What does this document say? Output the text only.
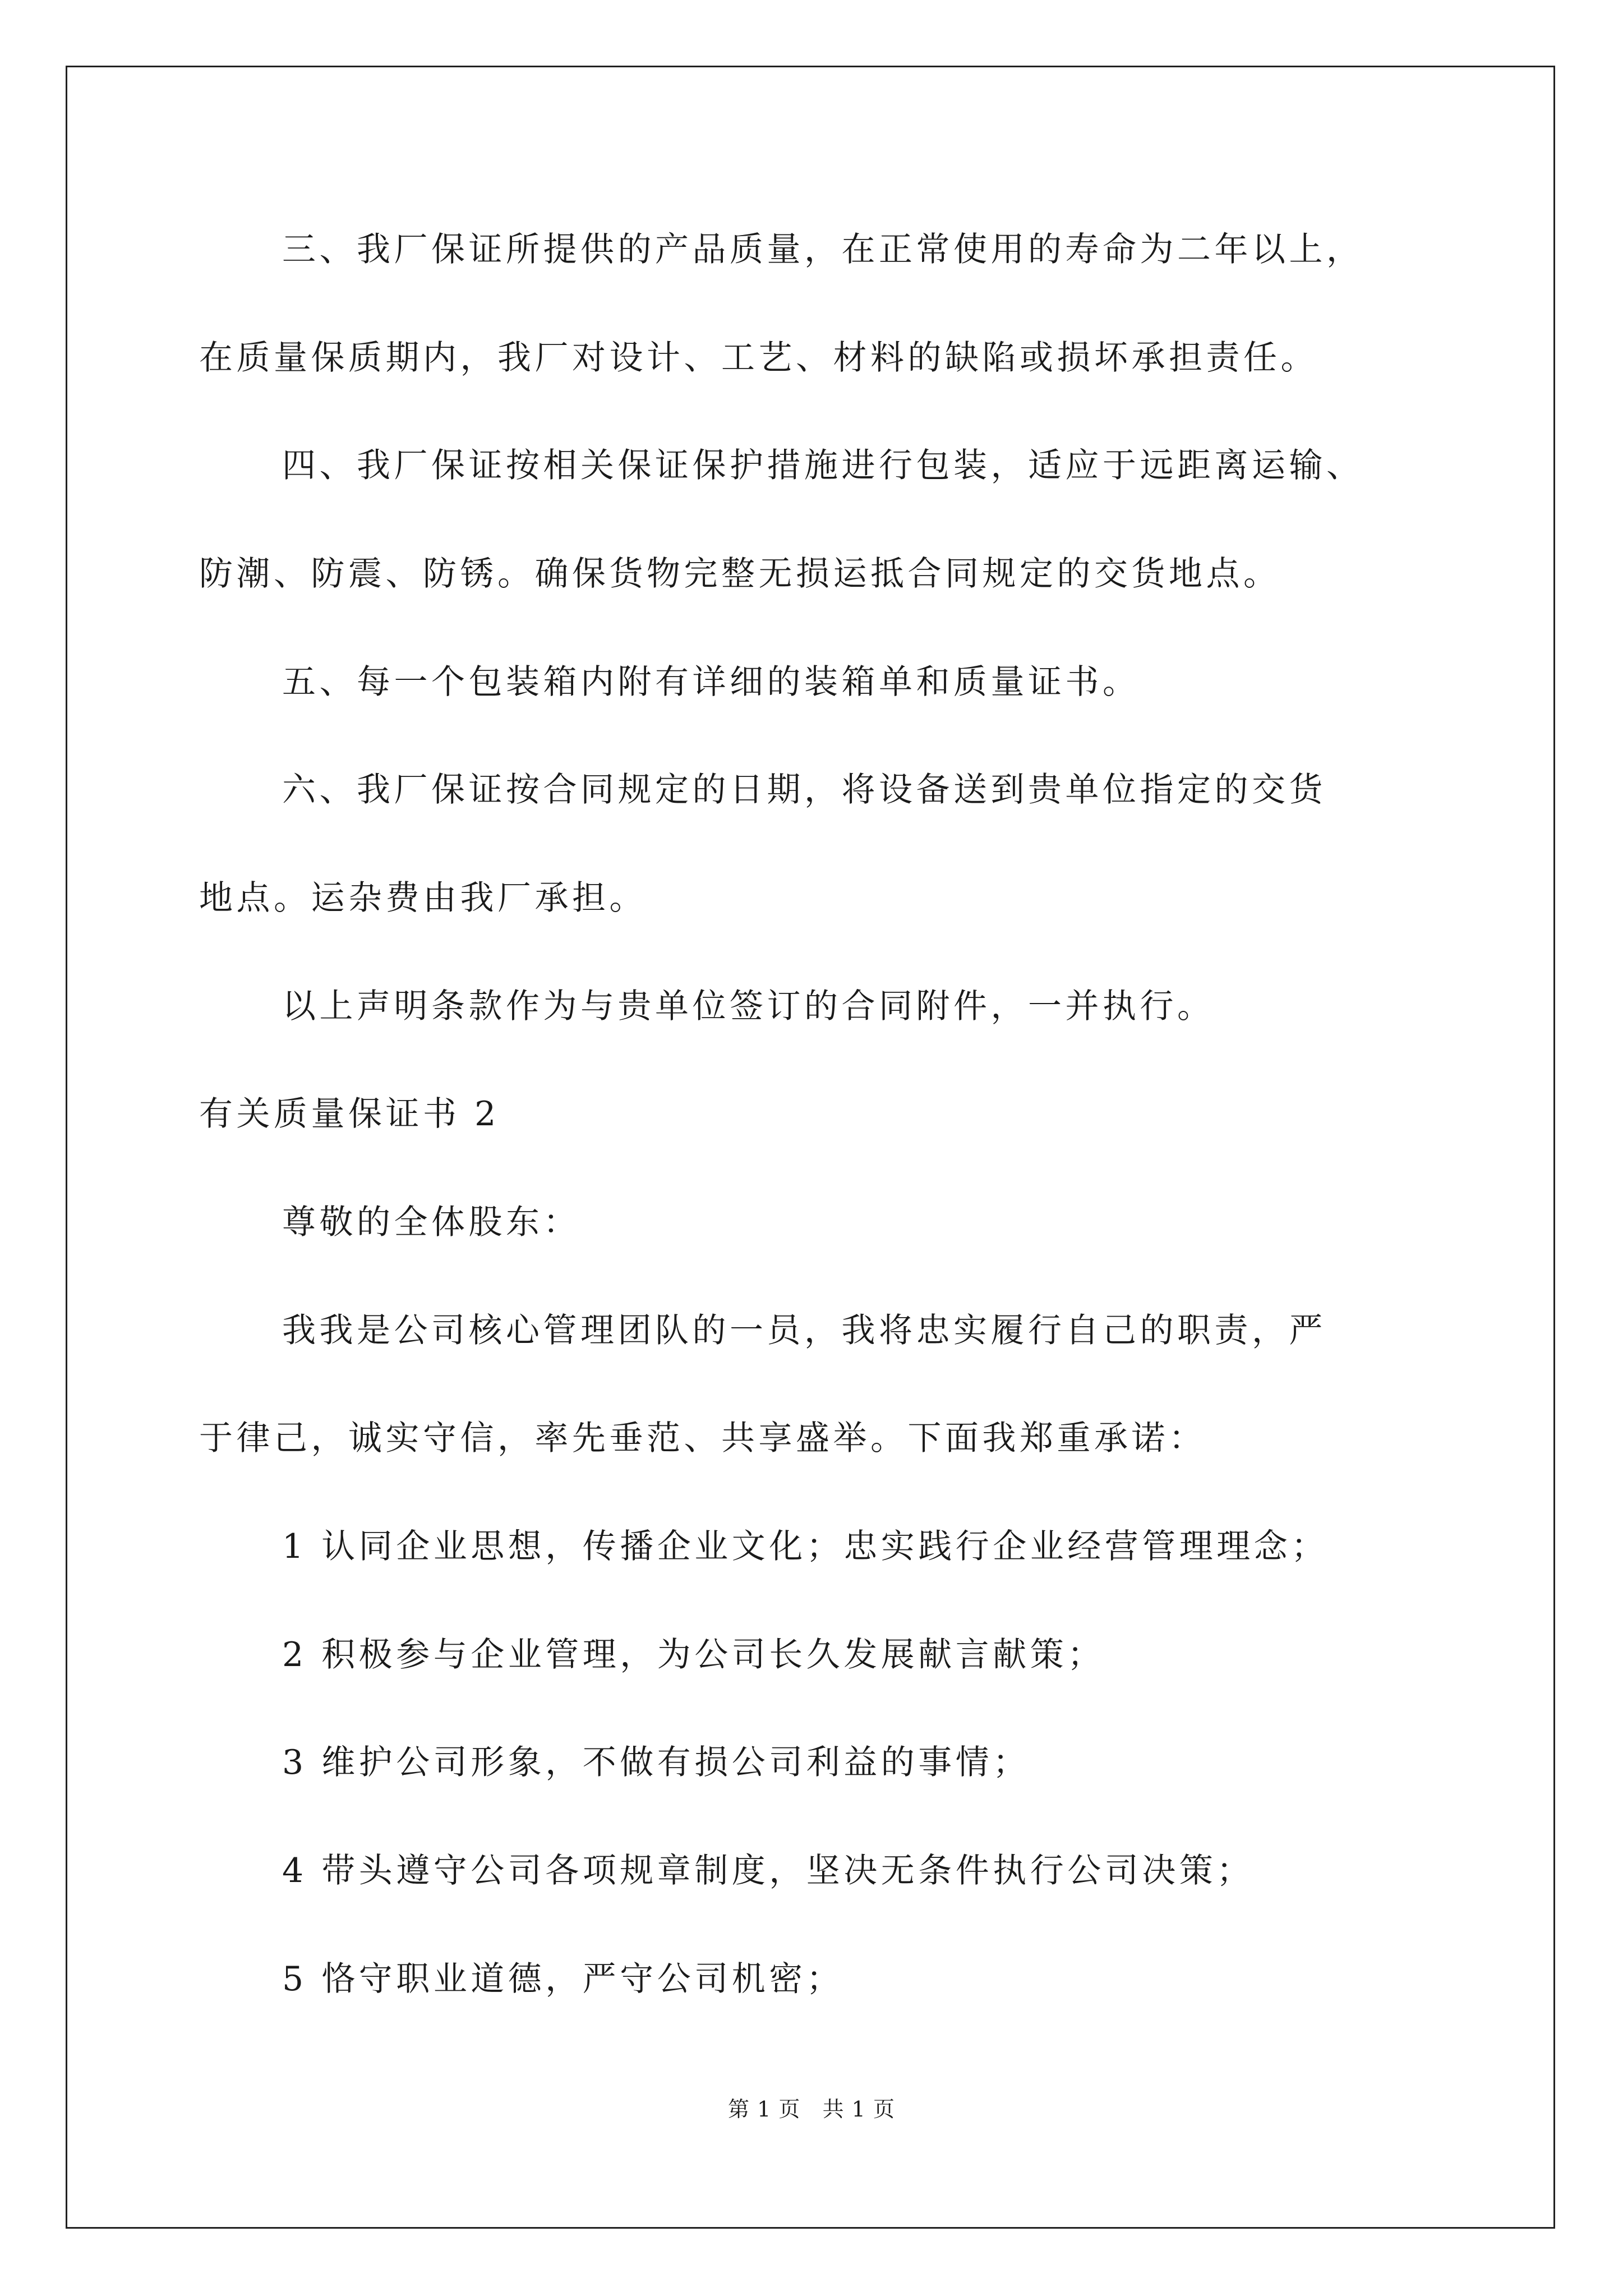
三、我厂保证所提供的产品质量，在正常使用的寿命为二年以上，
在质量保质期内，我厂对设计、工艺、材料的缺陷或损坏承担责任。
四、我厂保证按相关保证保护措施进行包装，适应于远距离运输、
防潮、防震、防锈。确保货物完整无损运抵合同规定的交货地点。
五、每一个包装箱内附有详细的装箱单和质量证书。
六、我厂保证按合同规定的日期，将设备送到贵单位指定的交货
地点。运杂费由我厂承担。
以上声明条款作为与贵单位签订的合同附件，一并执行。
有关质量保证书 2
尊敬的全体股东：
我我是公司核心管理团队的一员，我将忠实履行自己的职责，严
于律己，诚实守信，率先垂范、共享盛举。下面我郑重承诺：
1 认同企业思想，传播企业文化；忠实践行企业经营管理理念；
2 积极参与企业管理，为公司长久发展献言献策；
3 维护公司形象，不做有损公司利益的事情；
4 带头遵守公司各项规章制度，坚决无条件执行公司决策；
5 恪守职业道德，严守公司机密；
第 1 页   共 1 页
